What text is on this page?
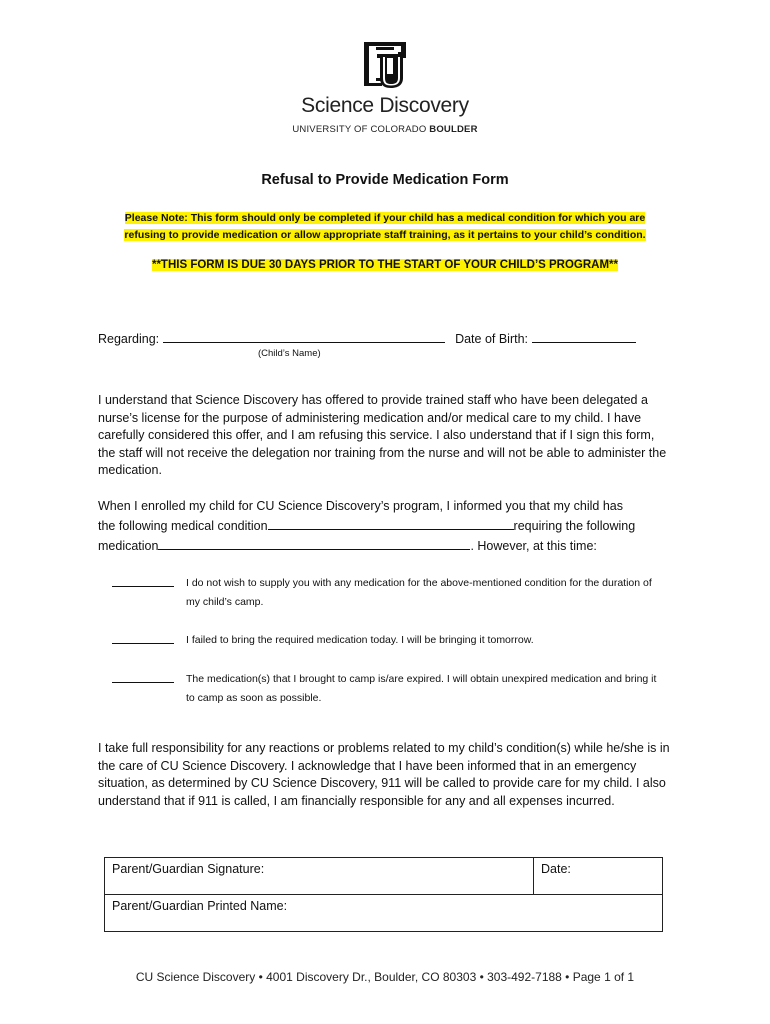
Science Discovery
UNIVERSITY OF COLORADO BOULDER
Refusal to Provide Medication Form
Please Note: This form should only be completed if your child has a medical condition for which you are refusing to provide medication or allow appropriate staff training, as it pertains to your child’s condition.
**THIS FORM IS DUE 30 DAYS PRIOR TO THE START OF YOUR CHILD’S PROGRAM**
Regarding:	Date of Birth:
(Child’s Name)
I understand that Science Discovery has offered to provide trained staff who have been delegated a nurse’s license for the purpose of administering medication and/or medical care to my child. I have carefully considered this offer, and I am refusing this service. I also understand that if I sign this form, the staff will not receive the delegation nor training from the nurse and will not be able to administer the medication.
When I enrolled my child for CU Science Discovery’s program, I informed you that my child has
the following medical condition	requiring the following
medication	. However, at this time:
I do not wish to supply you with any medication for the above-mentioned condition for the duration of my child’s camp.
I failed to bring the required medication today. I will be bringing it tomorrow.
The medication(s) that I brought to camp is/are expired. I will obtain unexpired medication and bring it to camp as soon as possible.
I take full responsibility for any reactions or problems related to my child’s condition(s) while he/she is in the care of CU Science Discovery. I acknowledge that I have been informed that in an emergency situation, as determined by CU Science Discovery, 911 will be called to provide care for my child. I also understand that if 911 is called, I am financially responsible for any and all expenses incurred.
Parent/Guardian Signature:	Date:
Parent/Guardian Printed Name:
CU Science Discovery • 4001 Discovery Dr., Boulder, CO 80303 • 303-492-7188 • Page 1 of 1
